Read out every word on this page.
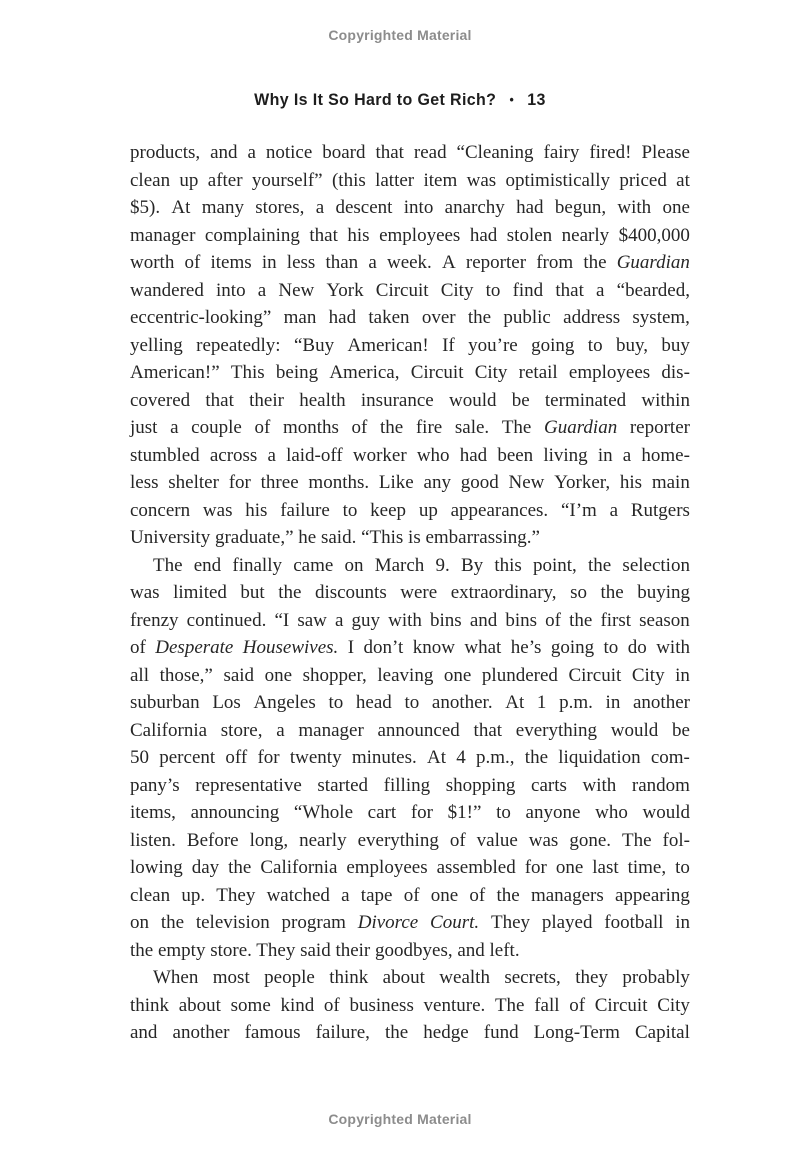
Copyrighted Material
Why Is It So Hard to Get Rich? • 13
products, and a notice board that read “Cleaning fairy fired! Please
clean up after yourself” (this latter item was optimistically priced at
$5). At many stores, a descent into anarchy had begun, with one
manager complaining that his employees had stolen nearly $400,000
worth of items in less than a week. A reporter from the Guardian
wandered into a New York Circuit City to find that a “bearded,
eccentric-looking” man had taken over the public address system,
yelling repeatedly: “Buy American! If you’re going to buy, buy
American!” This being America, Circuit City retail employees dis-
covered that their health insurance would be terminated within
just a couple of months of the fire sale. The Guardian reporter
stumbled across a laid-off worker who had been living in a home-
less shelter for three months. Like any good New Yorker, his main
concern was his failure to keep up appearances. “I’m a Rutgers
University graduate,” he said. “This is embarrassing.”
The end finally came on March 9. By this point, the selection
was limited but the discounts were extraordinary, so the buying
frenzy continued. “I saw a guy with bins and bins of the first season
of Desperate Housewives. I don’t know what he’s going to do with
all those,” said one shopper, leaving one plundered Circuit City in
suburban Los Angeles to head to another. At 1 p.m. in another
California store, a manager announced that everything would be
50 percent off for twenty minutes. At 4 p.m., the liquidation com-
pany’s representative started filling shopping carts with random
items, announcing “Whole cart for $1!” to anyone who would
listen. Before long, nearly everything of value was gone. The fol-
lowing day the California employees assembled for one last time, to
clean up. They watched a tape of one of the managers appearing
on the television program Divorce Court. They played football in
the empty store. They said their goodbyes, and left.
When most people think about wealth secrets, they probably
think about some kind of business venture. The fall of Circuit City
and another famous failure, the hedge fund Long-Term Capital
Copyrighted Material
